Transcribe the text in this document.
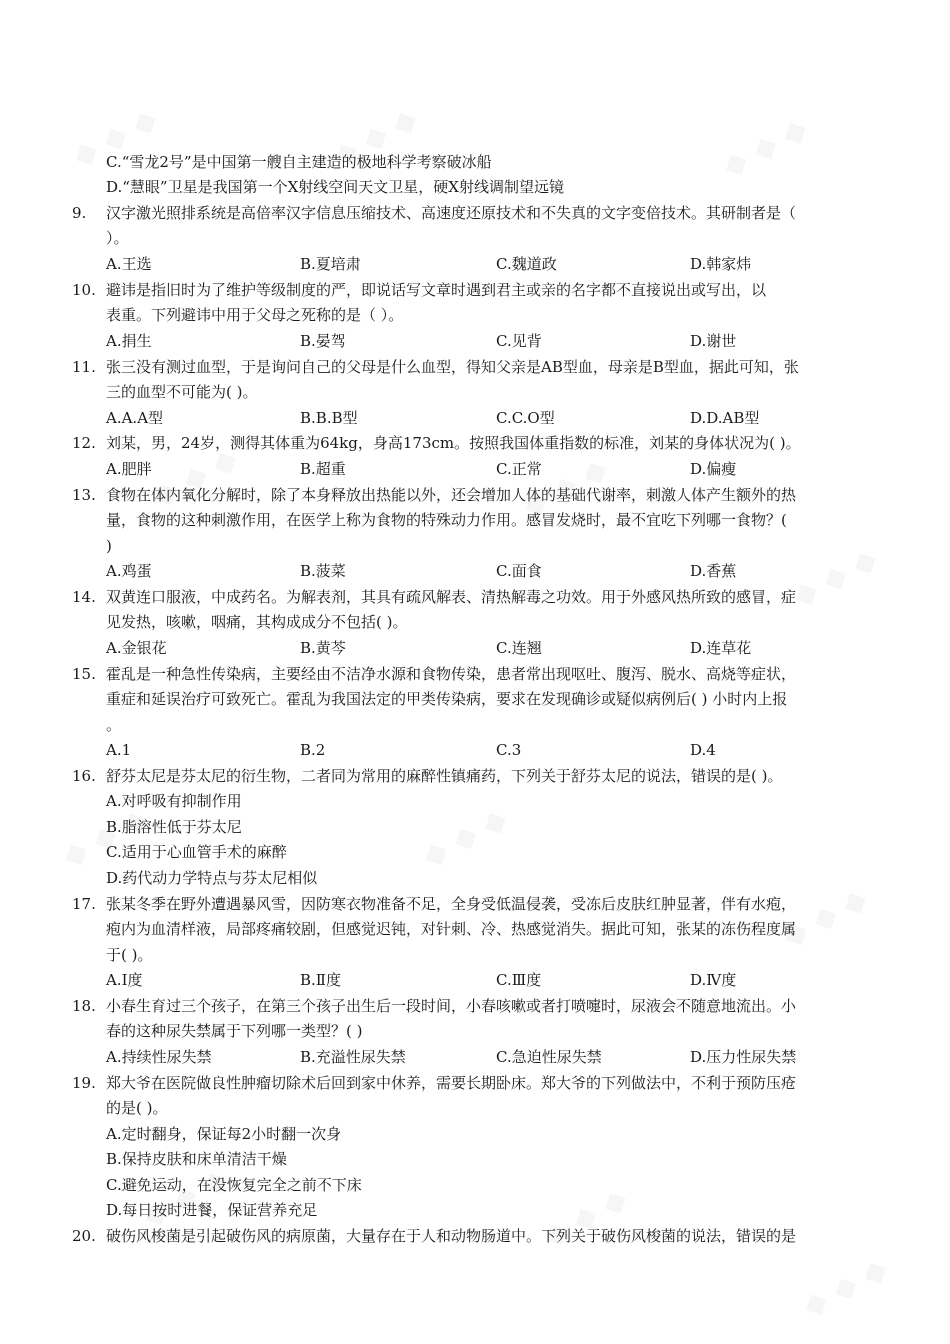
C.“雪龙2号”是中国第一艘自主建造的极地科学考察破冰船
D.“慧眼”卫星是我国第一个X射线空间天文卫星，硬X射线调制望远镜
9. 汉字激光照排系统是高倍率汉字信息压缩技术、高速度还原技术和不失真的文字变倍技术。其研制者是（
）。
A.王选	B.夏培肃	C.魏道政	D.韩家炜
10. 避讳是指旧时为了维护等级制度的严，即说话写文章时遇到君主或亲的名字都不直接说出或写出，以
表重。下列避讳中用于父母之死称的是（ ）。
A.捐生	B.晏驾	C.见背	D.谢世
11. 张三没有测过血型，于是询问自己的父母是什么血型，得知父亲是AB型血，母亲是B型血，据此可知，张
三的血型不可能为( )。
A.A.A型	B.B.B型	C.C.O型	D.D.AB型
12. 刘某，男，24岁，测得其体重为64kg，身高173cm。按照我国体重指数的标准，刘某的身体状况为( )。
A.肥胖	B.超重	C.正常	D.偏瘦
13. 食物在体内氧化分解时，除了本身释放出热能以外，还会增加人体的基础代谢率，刺激人体产生额外的热
量，食物的这种刺激作用，在医学上称为食物的特殊动力作用。感冒发烧时，最不宜吃下列哪一食物？(
)
A.鸡蛋	B.菠菜	C.面食	D.香蕉
14. 双黄连口服液，中成药名。为解表剂，其具有疏风解表、清热解毒之功效。用于外感风热所致的感冒，症
见发热，咳嗽，咽痛，其构成成分不包括( )。
A.金银花	B.黄芩	C.连翘	D.连草花
15. 霍乱是一种急性传染病，主要经由不洁净水源和食物传染，患者常出现呕吐、腹泻、脱水、高烧等症状，
重症和延误治疗可致死亡。霍乱为我国法定的甲类传染病，要求在发现确诊或疑似病例后( ) 小时内上报
。
A.1	B.2	C.3	D.4
16. 舒芬太尼是芬太尼的衍生物，二者同为常用的麻醉性镇痛药，下列关于舒芬太尼的说法，错误的是( )。
A.对呼吸有抑制作用
B.脂溶性低于芬太尼
C.适用于心血管手术的麻醉
D.药代动力学特点与芬太尼相似
17. 张某冬季在野外遭遇暴风雪，因防寒衣物准备不足，全身受低温侵袭，受冻后皮肤红肿显著，伴有水疱，
疱内为血清样液，局部疼痛较剧，但感觉迟钝，对针刺、冷、热感觉消失。据此可知，张某的冻伤程度属
于( )。
A.Ⅰ度	B.Ⅱ度	C.Ⅲ度	D.Ⅳ度
18. 小春生育过三个孩子，在第三个孩子出生后一段时间，小春咳嗽或者打喷嚏时，尿液会不随意地流出。小
春的这种尿失禁属于下列哪一类型？( )
A.持续性尿失禁	B.充溢性尿失禁	C.急迫性尿失禁	D.压力性尿失禁
19. 郑大爷在医院做良性肿瘤切除术后回到家中休养，需要长期卧床。郑大爷的下列做法中，不利于预防压疮
的是( )。
A.定时翻身，保证每2小时翻一次身
B.保持皮肤和床单清洁干燥
C.避免运动，在没恢复完全之前不下床
D.每日按时进餐，保证营养充足
20. 破伤风梭菌是引起破伤风的病原菌，大量存在于人和动物肠道中。下列关于破伤风梭菌的说法，错误的是
